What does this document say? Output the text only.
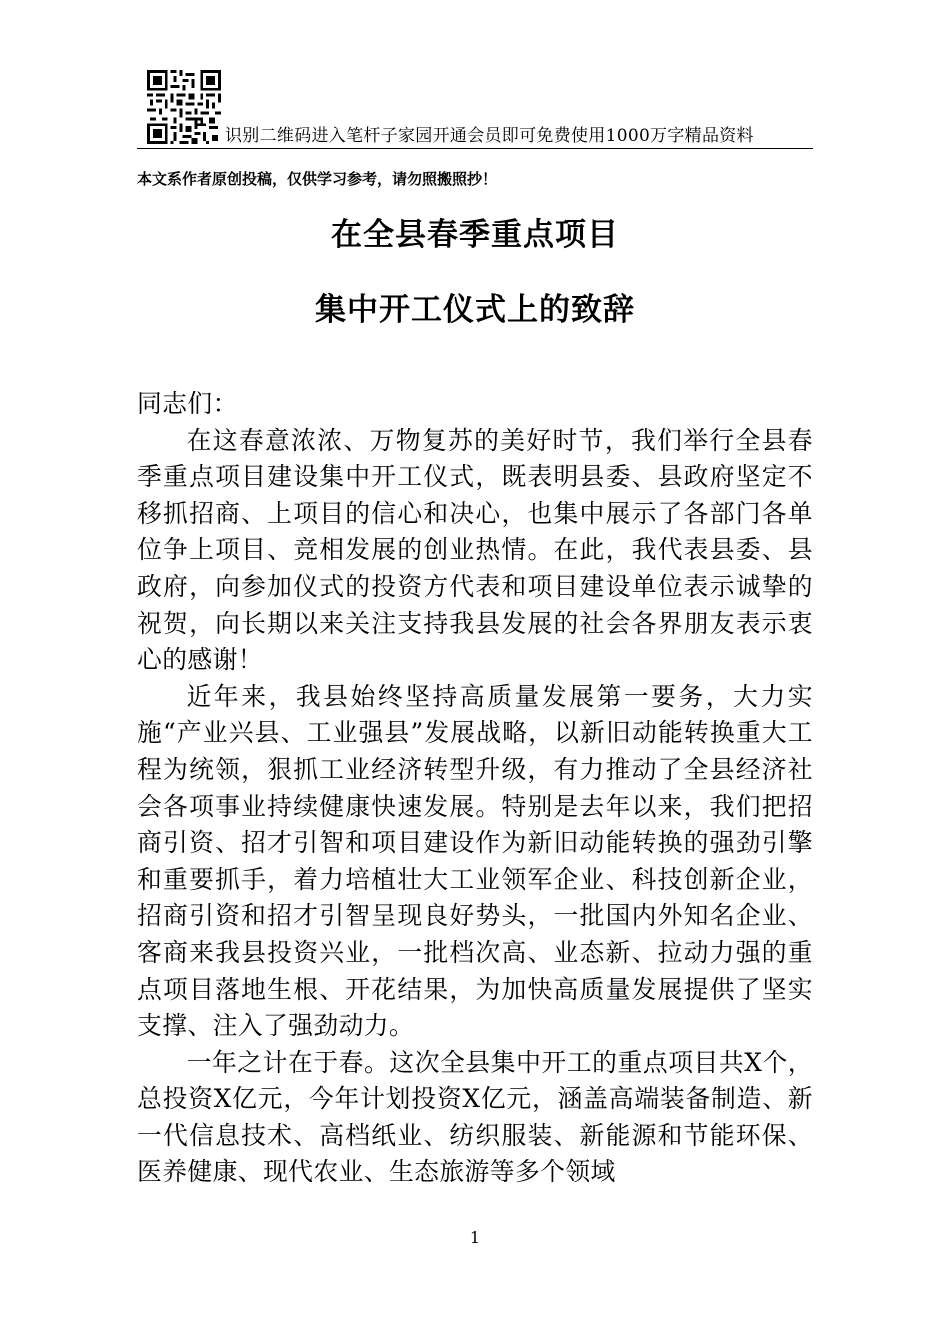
识别二维码进入笔杆子家园开通会员即可免费使用1000万字精品资料
本文系作者原创投稿，仅供学习参考，请勿照搬照抄！
在全县春季重点项目
集中开工仪式上的致辞

同志们：

在这春意浓浓、万物复苏的美好时节，我们举行全县春季重点项目建设集中开工仪式，既表明县委、县政府坚定不移抓招商、上项目的信心和决心，也集中展示了各部门各单位争上项目、竞相发展的创业热情。在此，我代表县委、县政府，向参加仪式的投资方代表和项目建设单位表示诚挚的祝贺，向长期以来关注支持我县发展的社会各界朋友表示衷心的感谢！

近年来，我县始终坚持高质量发展第一要务，大力实施“产业兴县、工业强县”发展战略，以新旧动能转换重大工程为统领，狠抓工业经济转型升级，有力推动了全县经济社会各项事业持续健康快速发展。特别是去年以来，我们把招商引资、招才引智和项目建设作为新旧动能转换的强劲引擎和重要抓手，着力培植壮大工业领军企业、科技创新企业，招商引资和招才引智呈现良好势头，一批国内外知名企业、客商来我县投资兴业，一批档次高、业态新、拉动力强的重点项目落地生根、开花结果，为加快高质量发展提供了坚实支撑、注入了强劲动力。

一年之计在于春。这次全县集中开工的重点项目共X个，总投资X亿元，今年计划投资X亿元，涵盖高端装备制造、新一代信息技术、高档纸业、纺织服装、新能源和节能环保、医养健康、现代农业、生态旅游等多个领域

1
